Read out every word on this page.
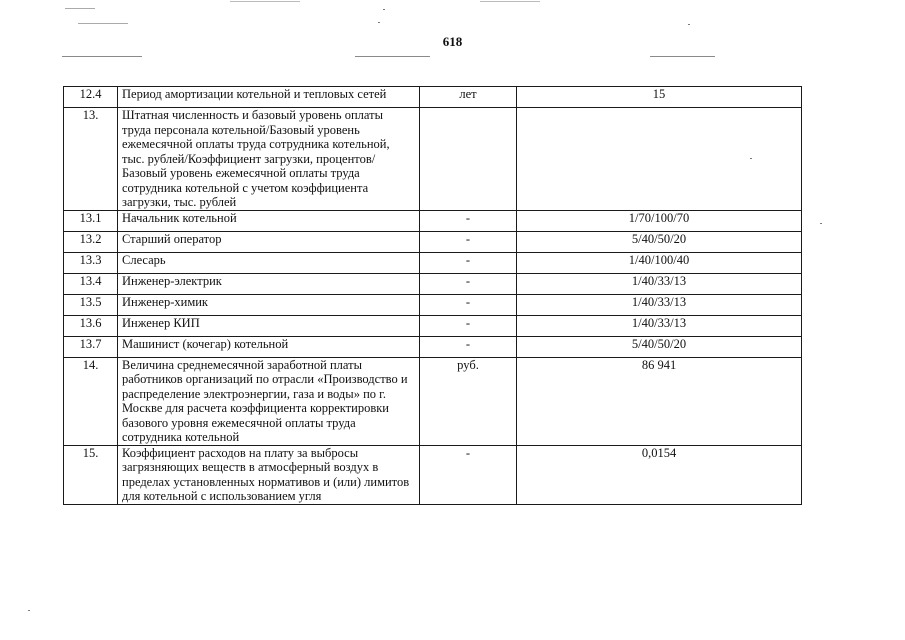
618
12.4	Период амортизации котельной и тепловых сетей	лет	15
13.	Штатная численность и базовый уровень оплаты труда персонала котельной/Базовый уровень ежемесячной оплаты труда сотрудника котельной, тыс. рублей/Коэффициент загрузки, процентов/Базовый уровень ежемесячной оплаты труда сотрудника котельной с учетом коэффициента загрузки, тыс. рублей		
13.1	Начальник котельной	-	1/70/100/70
13.2	Старший оператор	-	5/40/50/20
13.3	Слесарь	-	1/40/100/40
13.4	Инженер-электрик	-	1/40/33/13
13.5	Инженер-химик	-	1/40/33/13
13.6	Инженер КИП	-	1/40/33/13
13.7	Машинист (кочегар) котельной	-	5/40/50/20
14.	Величина среднемесячной заработной платы работников организаций по отрасли «Производство и распределение электроэнергии, газа и воды» по г. Москве для расчета коэффициента корректировки базового уровня ежемесячной оплаты труда сотрудника котельной	руб.	86 941
15.	Коэффициент расходов на плату за выбросы загрязняющих веществ в атмосферный воздух в пределах установленных нормативов и (или) лимитов для котельной с использованием угля	-	0,0154
